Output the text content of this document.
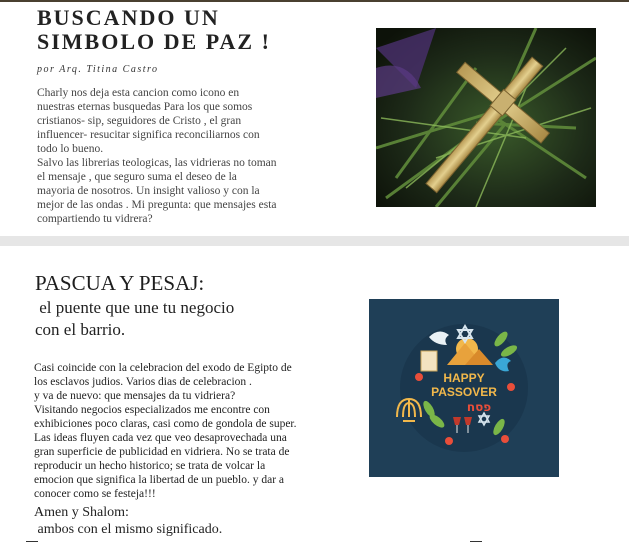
BUSCANDO UN
SIMBOLO DE PAZ !
por Arq. Titina Castro
Charly nos deja esta cancion como icono en
nuestras eternas busquedas Para los que somos
cristianos- sip, seguidores de Cristo , el gran
influencer- resucitar significa reconciliarnos con
todo lo bueno.
Salvo las librerias teologicas, las vidrieras no toman
el mensaje , que seguro suma el deseo de la
mayoria de nosotros. Un insight valioso y con la
mejor de las ondas . Mi pregunta: que mensajes esta
compartiendo tu vidrera?
PASCUA Y PESAJ:
el puente que une tu negocio
con el barrio.
Casi coincide con la celebracion del exodo de Egipto de
los esclavos judios. Varios dias de celebracion .
y va de nuevo: que mensajes da tu vidriera?
Visitando negocios especializados me encontre con
exhibiciones poco claras, casi como de gondola de super.
Las ideas fluyen cada vez que veo desaprovechada una
gran superficie de publicidad en vidriera. No se trata de
reproducir un hecho historico; se trata de volcar la
emocion que significa la libertad de un pueblo. y dar a
conocer como se festeja!!!
Amen y Shalom:
ambos con el mismo significado.
HAPPY
PASSOVER
פסח
